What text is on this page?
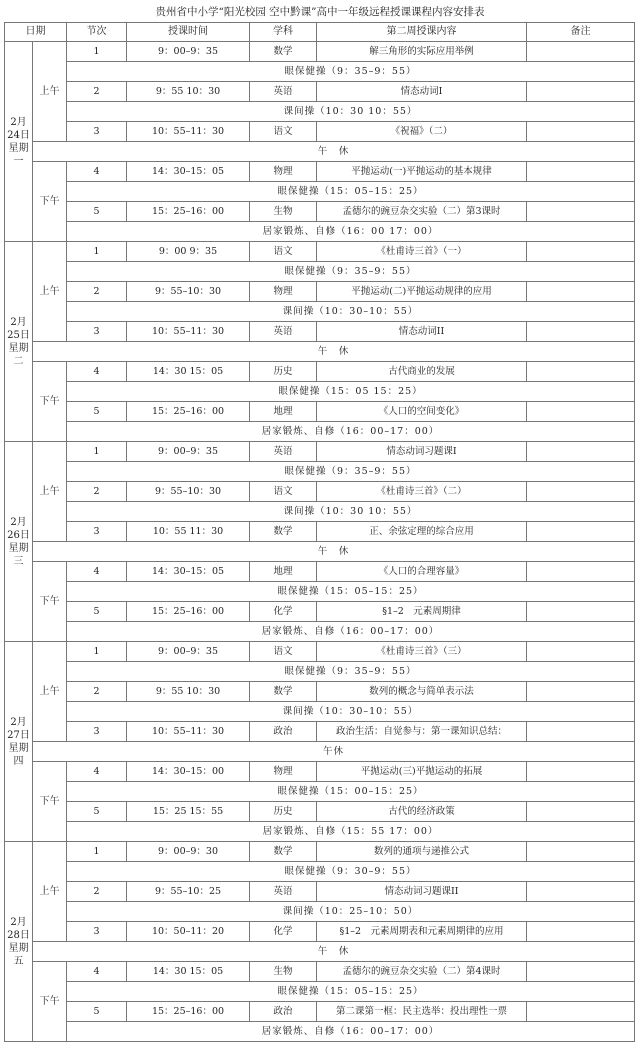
贵州省中小学“阳光校园 空中黔课”高中一年级远程授课课程内容安排表
日期		节次	授课时间	学科	第二周授课内容	备注
2月24日 星期一	上午	1	9：00–9：35	数学	解三角形的实际应用举例	
		眼保健操（9：35–9：55）				
		2	9：55 10：30	英语	情态动词I	
		课间操（10：30 10：55）				
		3	10：55–11：30	语文	《祝福》（二）	
	午　休					
	下午	4	14：30–15：05	物理	平抛运动(一)平抛运动的基本规律	
		眼保健操（15：05–15：25）				
		5	15：25–16：00	生物	孟德尔的豌豆杂交实验（二）第3课时	
		居家锻炼、自修（16：00 17：00）				
2月25日 星期二	上午	1	9：00 9：35	语文	《杜甫诗三首》（一）	
		眼保健操（9：35–9：55）				
		2	9：55–10：30	物理	平抛运动(二)平抛运动规律的应用	
		课间操（10：30–10：55）				
		3	10：55–11：30	英语	情态动词II	
	午　休					
	下午	4	14：30 15：05	历史	古代商业的发展	
		眼保健操（15：05 15：25）				
		5	15：25–16：00	地理	《人口的空间变化》	
		居家锻炼、自修（16：00–17：00）				
2月26日 星期三	上午	1	9：00–9：35	英语	情态动词习题课I	
		眼保健操（9：35–9：55）				
		2	9：55–10：30	语文	《杜甫诗三首》（二）	
		课间操（10：30 10：55）				
		3	10：55 11：30	数学	正、余弦定理的综合应用	
	午　休					
	下午	4	14：30–15：05	地理	《人口的合理容量》	
		眼保健操（15：05–15：25）				
		5	15：25–16：00	化学	§1–2　元素周期律	
		居家锻炼、自修（16：00–17：00）				
2月27日 星期四	上午	1	9：00–9：35	语文	《杜甫诗三首》（三）	
		眼保健操（9：35–9：55）				
		2	9：55 10：30	数学	数列的概念与简单表示法	
		课间操（10：30–10：55）				
		3	10：55–11：30	政治	政治生活：自觉参与：第一课知识总结：	
	午休					
	下午	4	14：30–15：00	物理	平抛运动(三)平抛运动的拓展	
		眼保健操（15：00–15：25）				
		5	15：25 15：55	历史	古代的经济政策	
		居家锻炼、自修（15：55 17：00）				
2月28日 星期五	上午	1	9：00–9：30	数学	数列的通项与递推公式	
		眼保健操（9：30–9：55）				
		2	9：55–10：25	英语	情态动词习题课II	
		课间操（10：25–10：50）				
		3	10：50–11：20	化学	§1–2　元素周期表和元素周期律的应用	
	午　休					
	下午	4	14：30 15：05	生物	孟德尔的豌豆杂交实验（二）第4课时	
		眼保健操（15：05–15：25）				
		5	15：25–16：00	政治	第二课第一框：民主选举：投出理性一票	
		居家锻炼、自修（16：00–17：00）				
